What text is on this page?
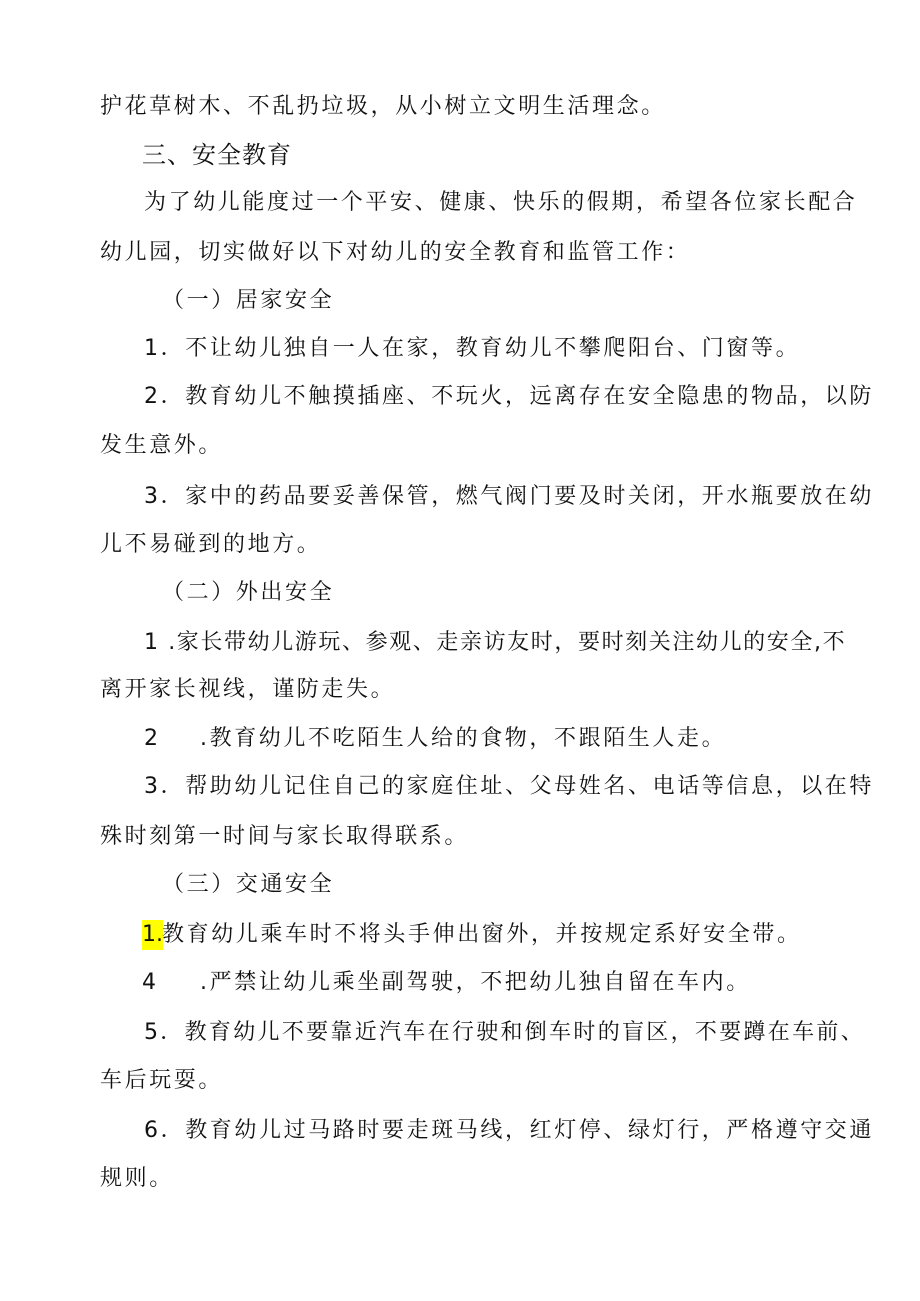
护花草树木、不乱扔垃圾，从小树立文明生活理念。
三、安全教育
为了幼儿能度过一个平安、健康、快乐的假期，希望各位家长配合
幼儿园，切实做好以下对幼儿的安全教育和监管工作：
（一）居家安全
1．不让幼儿独自一人在家，教育幼儿不攀爬阳台、门窗等。
2．教育幼儿不触摸插座、不玩火，远离存在安全隐患的物品，以防
发生意外。
3．家中的药品要妥善保管，燃气阀门要及时关闭，开水瓶要放在幼
儿不易碰到的地方。
（二）外出安全
1 .家长带幼儿游玩、参观、走亲访友时，要时刻关注幼儿的安全,不
离开家长视线，谨防走失。
2 .教育幼儿不吃陌生人给的食物，不跟陌生人走。
3．帮助幼儿记住自己的家庭住址、父母姓名、电话等信息，以在特
殊时刻第一时间与家长取得联系。
（三）交通安全
1. 教育幼儿乘车时不将头手伸出窗外，并按规定系好安全带。
4 .严禁让幼儿乘坐副驾驶，不把幼儿独自留在车内。
5．教育幼儿不要靠近汽车在行驶和倒车时的盲区，不要蹲在车前、
车后玩耍。
6．教育幼儿过马路时要走斑马线，红灯停、绿灯行，严格遵守交通
规则。
